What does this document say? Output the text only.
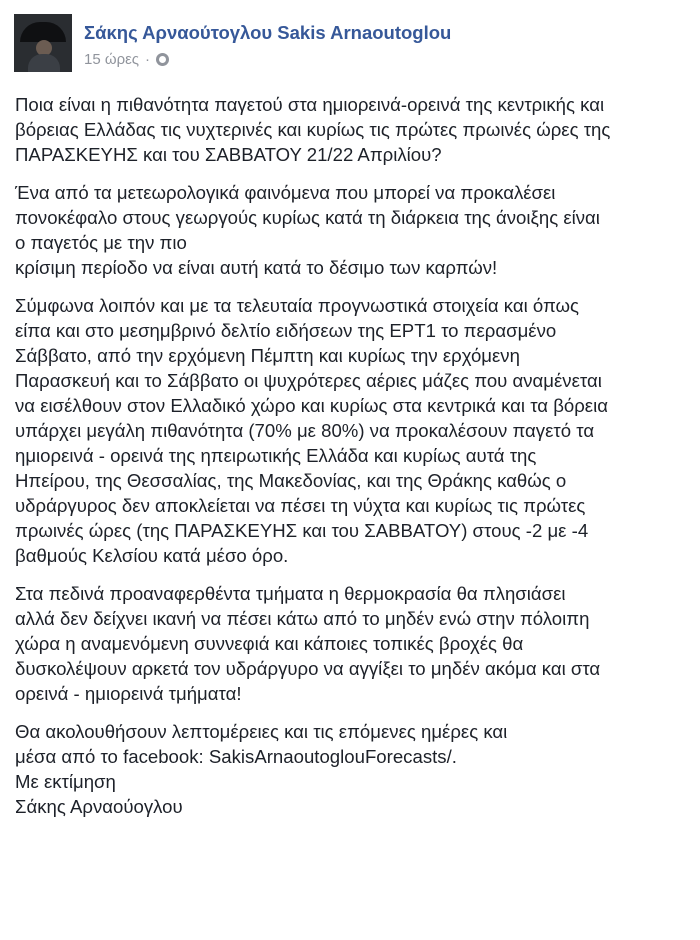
Σάκης Αρναούτογλου Sakis Arnaoutoglou
15 ώρες ·

Ποια είναι η πιθανότητα παγετού στα ημιορεινά-ορεινά της κεντρικής και
βόρειας Ελλάδας τις νυχτερινές και κυρίως τις πρώτες πρωινές ώρες της
ΠΑΡΑΣΚΕΥΗΣ και του ΣΑΒΒΑΤΟΥ 21/22 Απριλίου?

Ένα από τα μετεωρολογικά φαινόμενα που μπορεί να προκαλέσει
πονοκέφαλο στους γεωργούς κυρίως κατά τη διάρκεια της άνοιξης είναι
ο παγετός με την πιο
κρίσιμη περίοδο να είναι αυτή κατά το δέσιμο των καρπών!

Σύμφωνα λοιπόν και με τα τελευταία προγνωστικά στοιχεία και όπως
είπα και στο μεσημβρινό δελτίο ειδήσεων της ΕΡΤ1 το περασμένο
Σάββατο, από την ερχόμενη Πέμπτη και κυρίως την ερχόμενη
Παρασκευή και το Σάββατο οι ψυχρότερες αέριες μάζες που αναμένεται
να εισέλθουν στον Ελλαδικό χώρο και κυρίως στα κεντρικά και τα βόρεια
υπάρχει μεγάλη πιθανότητα (70% με 80%) να προκαλέσουν παγετό τα
ημιορεινά - ορεινά της ηπειρωτικής Ελλάδα και κυρίως αυτά της
Ηπείρου, της Θεσσαλίας, της Μακεδονίας, και της Θράκης καθώς ο
υδράργυρος δεν αποκλείεται να πέσει τη νύχτα και κυρίως τις πρώτες
πρωινές ώρες (της ΠΑΡΑΣΚΕΥΗΣ και του ΣΑΒΒΑΤΟΥ) στους -2 με -4
βαθμούς Κελσίου κατά μέσο όρο.

Στα πεδινά προαναφερθέντα τμήματα η θερμοκρασία θα πλησιάσει
αλλά δεν δείχνει ικανή να πέσει κάτω από το μηδέν ενώ στην πόλοιπη
χώρα η αναμενόμενη συννεφιά και κάποιες τοπικές βροχές θα
δυσκολέψουν αρκετά τον υδράργυρο να αγγίξει το μηδέν ακόμα και στα
ορεινά - ημιορεινά τμήματα!

Θα ακολουθήσουν λεπτομέρειες και τις επόμενες ημέρες και
μέσα από το facebook: SakisArnaoutoglouForecasts/.
Με εκτίμηση
Σάκης Αρναούογλου
